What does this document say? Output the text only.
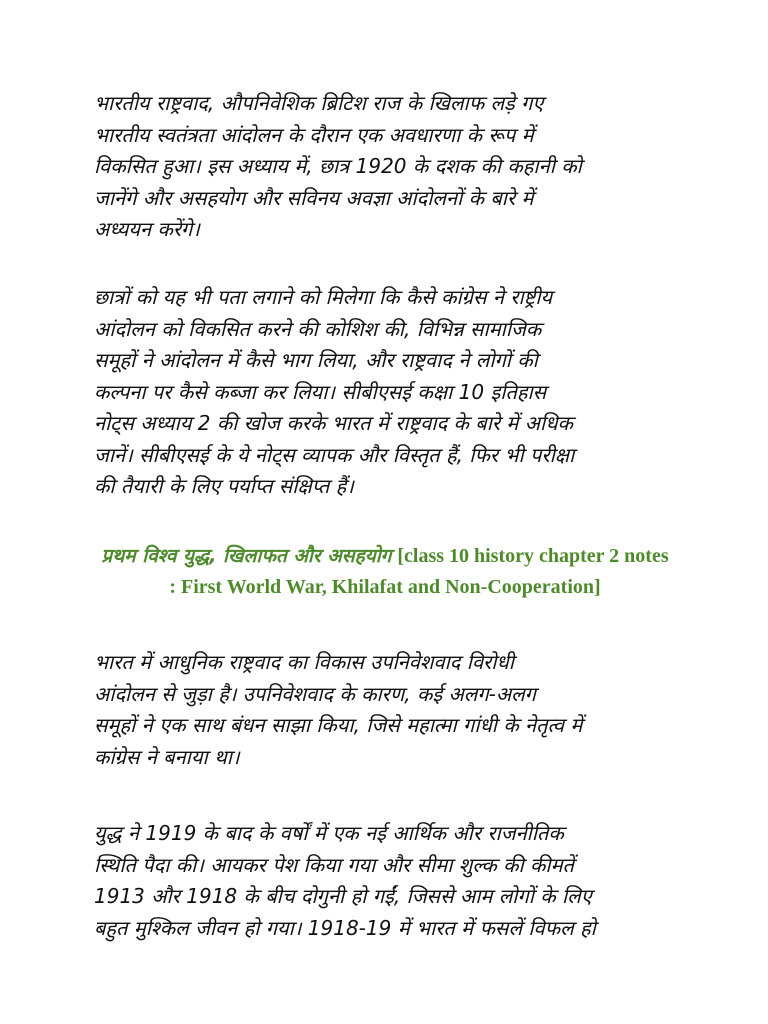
भारतीय राष्ट्रवाद, औपनिवेशिक ब्रिटिश राज के खिलाफ लड़े गए
भारतीय स्वतंत्रता आंदोलन के दौरान एक अवधारणा के रूप में
विकसित हुआ। इस अध्याय में, छात्र 1920 के दशक की कहानी को
जानेंगे और असहयोग और सविनय अवज्ञा आंदोलनों के बारे में
अध्ययन करेंगे।

छात्रों को यह भी पता लगाने को मिलेगा कि कैसे कांग्रेस ने राष्ट्रीय
आंदोलन को विकसित करने की कोशिश की, विभिन्न सामाजिक
समूहों ने आंदोलन में कैसे भाग लिया, और राष्ट्रवाद ने लोगों की
कल्पना पर कैसे कब्जा कर लिया। सीबीएसई कक्षा 10 इतिहास
नोट्स अध्याय 2 की खोज करके भारत में राष्ट्रवाद के बारे में अधिक
जानें। सीबीएसई के ये नोट्स व्यापक और विस्तृत हैं, फिर भी परीक्षा
की तैयारी के लिए पर्याप्त संक्षिप्त हैं।

प्रथम विश्व युद्ध, खिलाफत और असहयोग [class 10 history chapter 2 notes : First World War, Khilafat and Non-Cooperation]

भारत में आधुनिक राष्ट्रवाद का विकास उपनिवेशवाद विरोधी
आंदोलन से जुड़ा है। उपनिवेशवाद के कारण, कई अलग-अलग
समूहों ने एक साथ बंधन साझा किया, जिसे महात्मा गांधी के नेतृत्व में
कांग्रेस ने बनाया था।

युद्ध ने 1919 के बाद के वर्षों में एक नई आर्थिक और राजनीतिक
स्थिति पैदा की। आयकर पेश किया गया और सीमा शुल्क की कीमतें
1913 और 1918 के बीच दोगुनी हो गईं, जिससे आम लोगों के लिए
बहुत मुश्किल जीवन हो गया। 1918-19 में भारत में फसलें विफल हो
